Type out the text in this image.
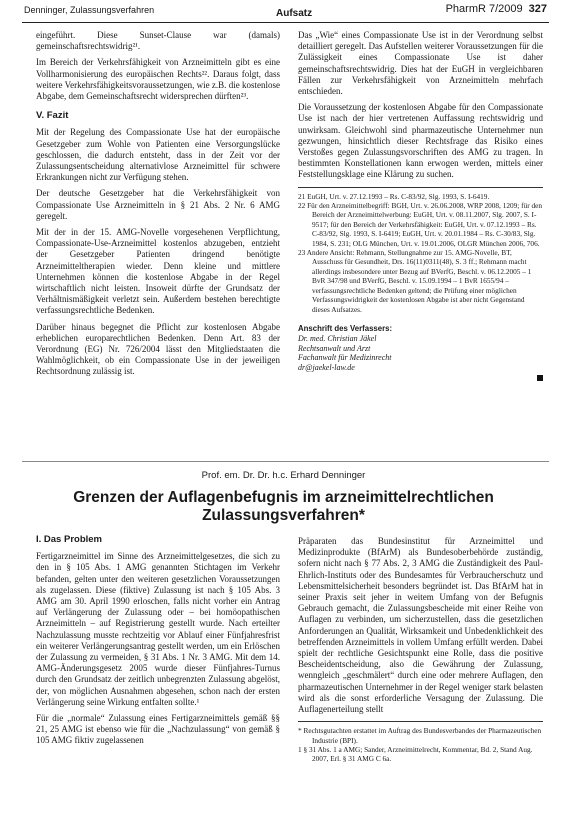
Denninger, Zulassungsverfahren	Aufsatz	PharmR 7/2009 327

eingeführt. Diese Sunset-Clause war (damals) gemeinschaftsrechtswidrig²¹.

Im Bereich der Verkehrsfähigkeit von Arzneimitteln gibt es eine Vollharmonisierung des europäischen Rechts²². Daraus folgt, dass weitere Verkehrsfähigkeitsvoraussetzungen, wie z.B. die kostenlose Abgabe, dem Gemeinschaftsrecht widersprechen dürften²³.

V. Fazit

Mit der Regelung des Compassionate Use hat der europäische Gesetzgeber zum Wohle von Patienten eine Versorgungslücke geschlossen, die dadurch entsteht, dass in der Zeit vor der Zulassungsentscheidung alternativlose Arzneimittel für schwere Erkrankungen nicht zur Verfügung stehen.

Der deutsche Gesetzgeber hat die Verkehrsfähigkeit von Compassionate Use Arzneimitteln in § 21 Abs. 2 Nr. 6 AMG geregelt.

Mit der in der 15. AMG-Novelle vorgesehenen Verpflichtung, Compassionate-Use-Arzneimittel kostenlos abzugeben, entzieht der Gesetzgeber Patienten dringend benötigte Arzneimitteltherapien wieder. Denn kleine und mittlere Unternehmen können die kostenlose Abgabe in der Regel wirtschaftlich nicht leisten. Insoweit dürfte der Grundsatz der Verhältnismäßigkeit verletzt sein. Außerdem bestehen berechtigte verfassungsrechtliche Bedenken.

Darüber hinaus begegnet die Pflicht zur kostenlosen Abgabe erheblichen europarechtlichen Bedenken. Denn Art. 83 der Verordnung (EG) Nr. 726/2004 lässt den Mitgliedstaaten die Wahlmöglichkeit, ob ein Compassionate Use in der jeweiligen Rechtsordnung zulässig ist.

Das „Wie“ eines Compassionate Use ist in der Verordnung selbst detailliert geregelt. Das Aufstellen weiterer Voraussetzungen für die Zulässigkeit eines Compassionate Use ist daher gemeinschaftsrechtswidrig. Dies hat der EuGH in vergleichbaren Fällen zur Verkehrsfähigkeit von Arzneimitteln mehrfach entschieden.

Die Voraussetzung der kostenlosen Abgabe für den Compassionate Use ist nach der hier vertretenen Auffassung rechtswidrig und unwirksam. Gleichwohl sind pharmazeutische Unternehmer nun gezwungen, hinsichtlich dieser Rechtsfrage das Risiko eines Verstoßes gegen Zulassungsvorschriften des AMG zu tragen. In bestimmten Konstellationen kann erwogen werden, mittels einer Feststellungsklage eine Klärung zu suchen.

21 EuGH, Urt. v. 27.12.1993 – Rs. C-83/92, Slg. 1993, S. I-6419.
22 Für den Arzneimittelbegriff: BGH, Urt. v. 26.06.2008, WRP 2008, 1209; für den Bereich der Arzneimittelwerbung: EuGH, Urt. v. 08.11.2007, Slg. 2007, S. I-9517; für den Bereich der Verkehrsfähigkeit: EuGH, Urt. v. 07.12.1993 – Rs. C-83/92, Slg. 1993, S. I-6419; EuGH, Urt. v. 20.01.1984 – Rs. C-30/83, Slg. 1984, S. 231; OLG München, Urt. v. 19.01.2006, OLGR München 2006, 706.
23 Andere Ansicht: Rehmann, Stellungnahme zur 15. AMG-Novelle, BT, Ausschuss für Gesundheit, Drs. 16(11)0311(48), S. 3 ff.; Rehmann macht allerdings insbesondere unter Bezug auf BVerfG, Beschl. v. 06.12.2005 – 1 BvR 347/98 und BVerfG, Beschl. v. 15.09.1994 – 1 BvR 1655/94 – verfassungsrechtliche Bedenken geltend; die Prüfung einer möglichen Verfassungswidrigkeit der kostenlosen Abgabe ist aber nicht Gegenstand dieses Aufsatzes.
Anschrift des Verfassers:
Dr. med. Christian Jäkel
Rechtsanwalt und Arzt
Fachanwalt für Medizinrecht
dr@jaekel-law.de
Prof. em. Dr. Dr. h.c. Erhard Denninger
Grenzen der Auflagenbefugnis im arzneimittelrechtlichen Zulassungsverfahren*
I. Das Problem

Fertigarzneimittel im Sinne des Arzneimittelgesetzes, die sich zu den in § 105 Abs. 1 AMG genannten Stichtagen im Verkehr befanden, gelten unter den weiteren gesetzlichen Voraussetzungen als zugelassen. Diese (fiktive) Zulassung ist nach § 105 Abs. 3 AMG am 30. April 1990 erloschen, falls nicht vorher ein Antrag auf Verlängerung der Zulassung oder – bei homöopathischen Arzneimitteln – auf Registrierung gestellt wurde. Nach erteilter Nachzulassung musste rechtzeitig vor Ablauf einer Fünfjahresfrist ein weiterer Verlängerungsantrag gestellt werden, um ein Erlöschen der Zulassung zu vermeiden, § 31 Abs. 1 Nr. 3 AMG. Mit dem 14. AMG-Änderungsgesetz 2005 wurde dieser Fünfjahres-Turnus durch den Grundsatz der zeitlich unbegrenzten Zulassung abgelöst, der, von möglichen Ausnahmen abgesehen, schon nach der ersten Verlängerung seine Wirkung entfalten sollte.¹

Für die „normale“ Zulassung eines Fertigarzneimittels gemäß §§ 21, 25 AMG ist ebenso wie für die „Nachzulassung“ von gemäß § 105 AMG fiktiv zugelassenen

Präparaten das Bundesinstitut für Arzneimittel und Medizinprodukte (BfArM) als Bundesoberbehörde zuständig, sofern nicht nach § 77 Abs. 2, 3 AMG die Zuständigkeit des Paul-Ehrlich-Instituts oder des Bundesamtes für Verbraucherschutz und Lebensmittelsicherheit besonders begründet ist. Das BfArM hat in seiner Praxis seit jeher in weitem Umfang von der Befugnis Gebrauch gemacht, die Zulassungsbescheide mit einer Reihe von Auflagen zu verbinden, um sicherzustellen, dass die gesetzlichen Anforderungen an Qualität, Wirksamkeit und Unbedenklichkeit des betreffenden Arzneimittels in vollem Umfang erfüllt werden. Dabei spielt der rechtliche Gesichtspunkt eine Rolle, dass die positive Bescheidentscheidung, also die Gewährung der Zulassung, wenngleich „geschmälert“ durch eine oder mehrere Auflagen, den pharmazeutischen Unternehmer in der Regel weniger stark belasten wird als die sonst erforderliche Versagung der Zulassung. Die Auflagenerteilung stellt

* Rechtsgutachten erstattet im Auftrag des Bundesverbandes der Pharmazeutischen Industrie (BPI).
1 § 31 Abs. 1 a AMG; Sander, Arzneimittelrecht, Kommentar, Bd. 2, Stand Aug. 2007, Erl. § 31 AMG C 6a.
